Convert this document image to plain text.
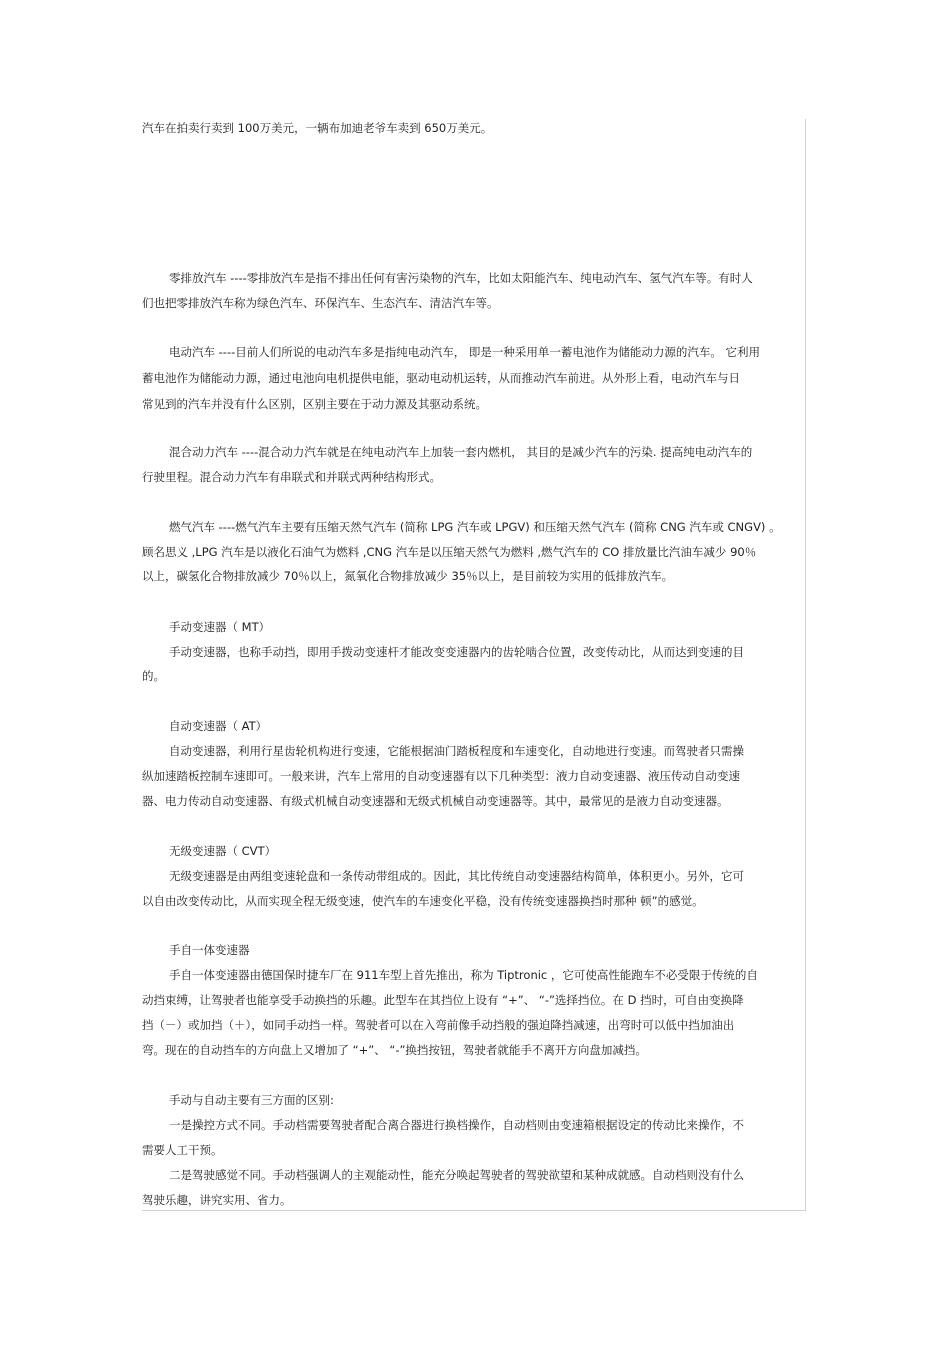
汽车在拍卖行卖到 100万美元，一辆布加迪老爷车卖到 650万美元。
零排放汽车 ----零排放汽车是指不排出任何有害污染物的汽车，比如太阳能汽车、纯电动汽车、氢气汽车等。有时人
们也把零排放汽车称为绿色汽车、环保汽车、生态汽车、清洁汽车等。
电动汽车 ----目前人们所说的电动汽车多是指纯电动汽车， 即是一种采用单一蓄电池作为储能动力源的汽车。 它利用
蓄电池作为储能动力源，通过电池向电机提供电能，驱动电动机运转，从而推动汽车前进。从外形上看，电动汽车与日
常见到的汽车并没有什么区别，区别主要在于动力源及其驱动系统。
混合动力汽车 ----混合动力汽车就是在纯电动汽车上加装一套内燃机， 其目的是减少汽车的污染. 提高纯电动汽车的
行驶里程。混合动力汽车有串联式和并联式两种结构形式。
燃气汽车 ----燃气汽车主要有压缩天然气汽车 (简称 LPG 汽车或 LPGV) 和压缩天然气汽车 (简称 CNG 汽车或 CNGV) 。
顾名思义 ,LPG 汽车是以液化石油气为燃料 ,CNG 汽车是以压缩天然气为燃料 ,燃气汽车的 CO 排放量比汽油车减少 90％
以上，碳氢化合物排放减少 70％以上，氮氧化合物排放减少 35％以上，是目前较为实用的低排放汽车。
手动变速器（ MT）
手动变速器，也称手动挡，即用手拨动变速杆才能改变变速器内的齿轮啮合位置，改变传动比，从而达到变速的目
的。
自动变速器（ AT）
自动变速器，利用行星齿轮机构进行变速，它能根据油门踏板程度和车速变化，自动地进行变速。而驾驶者只需操
纵加速踏板控制车速即可。一般来讲，汽车上常用的自动变速器有以下几种类型：液力自动变速器、液压传动自动变速
器、电力传动自动变速器、有级式机械自动变速器和无级式机械自动变速器等。其中，最常见的是液力自动变速器。
无级变速器（ CVT）
无级变速器是由两组变速轮盘和一条传动带组成的。因此，其比传统自动变速器结构简单，体积更小。另外，它可
以自由改变传动比，从而实现全程无级变速，使汽车的车速变化平稳，没有传统变速器换挡时那种 顿”的感觉。
手自一体变速器
手自一体变速器由德国保时捷车厂在 911车型上首先推出，称为 Tiptronic ，它可使高性能跑车不必受限于传统的自
动挡束缚，让驾驶者也能享受手动换挡的乐趣。此型车在其挡位上设有 “+”、 “-”选择挡位。在 D 挡时，可自由变换降
挡（－）或加挡（＋），如同手动挡一样。驾驶者可以在入弯前像手动挡般的强迫降挡减速，出弯时可以低中挡加油出
弯。现在的自动挡车的方向盘上又增加了 “+”、 “-”换挡按钮，驾驶者就能手不离开方向盘加减挡。
手动与自动主要有三方面的区别:
一是操控方式不同。手动档需要驾驶者配合离合器进行换档操作，自动档则由变速箱根据设定的传动比来操作，不
需要人工干预。
二是驾驶感觉不同。手动档强调人的主观能动性，能充分唤起驾驶者的驾驶欲望和某种成就感。自动档则没有什么
驾驶乐趣，讲究实用、省力。
